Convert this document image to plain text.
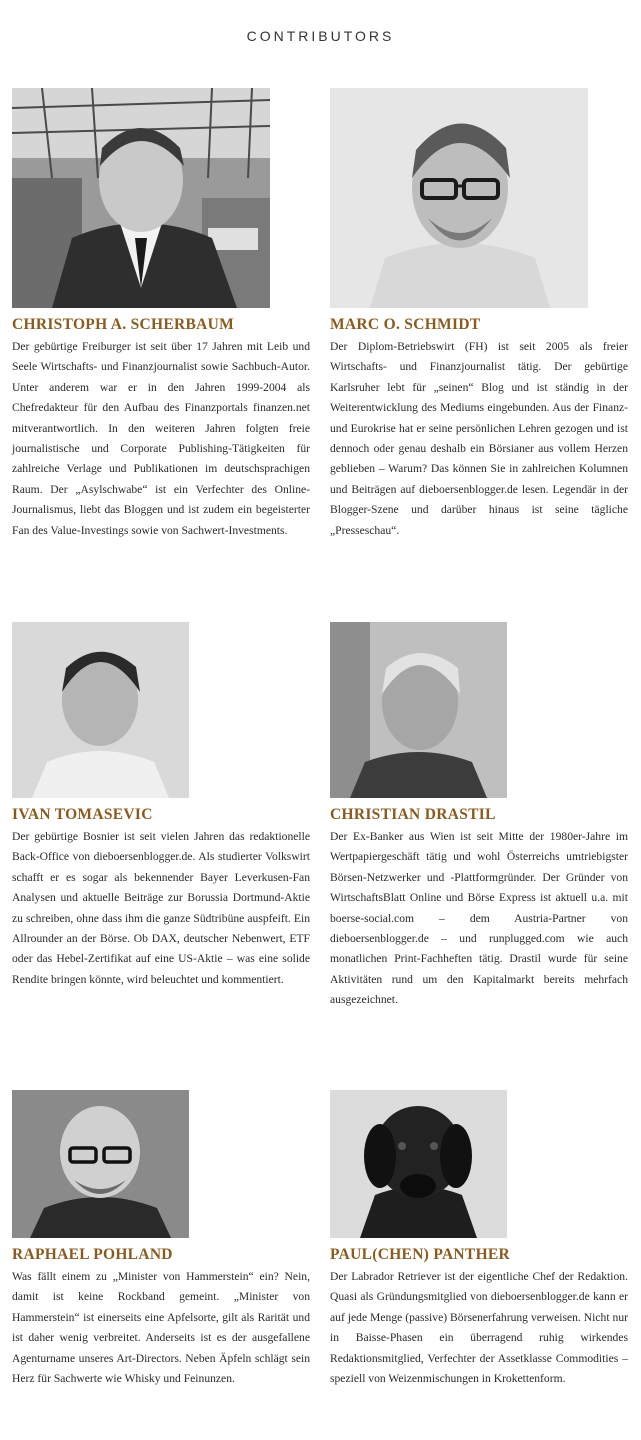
CONTRIBUTORS
CHRISTOPH A. SCHERBAUM
Der gebürtige Freiburger ist seit über 17 Jahren mit Leib und Seele Wirtschafts- und Finanzjournalist sowie Sachbuch-Autor. Unter anderem war er in den Jahren 1999-2004 als Chefredakteur für den Aufbau des Finanzportals finanzen.net mitverantwortlich. In den weiteren Jahren folgten freie journalistische und Corporate Publishing-Tätigkeiten für zahlreiche Verlage und Publikationen im deutschsprachigen Raum. Der „Asylschwabe“ ist ein Verfechter des Online-Journalismus, liebt das Bloggen und ist zudem ein begeisterter Fan des Value-Investings sowie von Sachwert-Investments.
MARC O. SCHMIDT
Der Diplom-Betriebswirt (FH) ist seit 2005 als freier Wirtschafts- und Finanzjournalist tätig. Der gebürtige Karlsruher lebt für „seinen“ Blog und ist ständig in der Weiterentwicklung des Mediums eingebunden. Aus der Finanz- und Eurokrise hat er seine persönlichen Lehren gezogen und ist dennoch oder genau deshalb ein Börsianer aus vollem Herzen geblieben – Warum? Das können Sie in zahlreichen Kolumnen und Beiträgen auf dieboersenblogger.de lesen. Legendär in der Blogger-Szene und darüber hinaus ist seine tägliche „Presseschau“.
IVAN TOMASEVIC
Der gebürtige Bosnier ist seit vielen Jahren das redaktionelle Back-Office von dieboersenblogger.de. Als studierter Volkswirt schafft er es sogar als bekennender Bayer Leverkusen-Fan Analysen und aktuelle Beiträge zur Borussia Dortmund-Aktie zu schreiben, ohne dass ihm die ganze Südtribüne auspfeift. Ein Allrounder an der Börse. Ob DAX, deutscher Nebenwert, ETF oder das Hebel-Zertifikat auf eine US-Aktie – was eine solide Rendite bringen könnte, wird beleuchtet und kommentiert.
CHRISTIAN DRASTIL
Der Ex-Banker aus Wien ist seit Mitte der 1980er-Jahre im Wertpapiergeschäft tätig und wohl Österreichs umtriebigster Börsen-Netzwerker und -Plattformgründer. Der Gründer von WirtschaftsBlatt Online und Börse Express ist aktuell u.a. mit boerse-social.com – dem Austria-Partner von dieboersenblogger.de – und runplugged.com wie auch monatlichen Print-Fachheften tätig. Drastil wurde für seine Aktivitäten rund um den Kapitalmarkt bereits mehrfach ausgezeichnet.
RAPHAEL POHLAND
Was fällt einem zu „Minister von Hammerstein“ ein? Nein, damit ist keine Rockband gemeint. „Minister von Hammerstein“ ist einerseits eine Apfelsorte, gilt als Rarität und ist daher wenig verbreitet. Anderseits ist es der ausgefallene Agenturname unseres Art-Directors. Neben Äpfeln schlägt sein Herz für Sachwerte wie Whisky und Feinunzen.
PAUL(CHEN) PANTHER
Der Labrador Retriever ist der eigentliche Chef der Redaktion. Quasi als Gründungsmitglied von dieboersenblogger.de kann er auf jede Menge (passive) Börsenerfahrung verweisen. Nicht nur in Baisse-Phasen ein überragend ruhig wirkendes Redaktionsmitglied, Verfechter der Assetklasse Commodities – speziell von Weizenmischungen in Krokettenform.
